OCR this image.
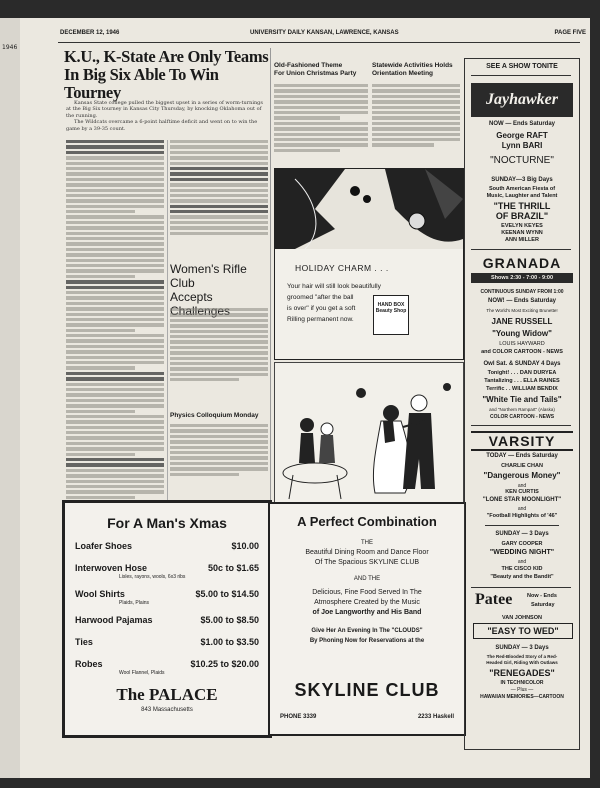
1946
DECEMBER 12, 1946	UNIVERSITY DAILY KANSAN, LAWRENCE, KANSAS	PAGE FIVE
K.U., K-State Are Only Teams
In Big Six Able To Win Tourney
Kansas State college pulled the biggest upset in a series of worm-turnings at the Big Six tourney in Kansas City Thursday, by knocking Oklahoma out of the running.
The Wildcats overcame a 6-point halftime deficit and went on to win the game by a 39-35 count.
Women's Rifle Club
Accepts
Physics Colloquium Monday
Old-Fashioned Theme
For Union Christmas Party
Statewide Activities Holds
Orientation Meeting
HOLIDAY CHARM . . .
Your hair will still look beautifully
groomed "after the ball
is over" if you get a soft
Rilling permanent now.
HAND BOX
Beauty Shop
For A Man's Xmas
Loafer Shoes	$10.00
Interwoven Hose	50c to $1.65
Lisles, rayons, wools, 6x3 ribs
Wool Shirts	$5.00 to $14.50
Plaids, Plains
Harwood Pajamas	$5.00 to $8.50
Ties	$1.00 to $3.50
Robes	$10.25 to $20.00
Wool Flannel, Plaids
The PALACE
843 Massachusetts
A Perfect Combination
THE
Beautiful Dining Room and Dance Floor
Of The Spacious SKYLINE CLUB
AND THE
Delicious, Fine Food Served In The
Atmosphere Created by the Music
of Joe Langworthy and His Band
Give Her An Evening In The "CLOUDS"
By Phoning Now for Reservations at the
SKYLINE CLUB
PHONE 3339	2233 Haskell
SEE A SHOW TONITE
Jayhawker
NOW — Ends Saturday
George RAFT
Lynn BARI
"NOCTURNE"
SUNDAY—3 Big Days
South American Fiesta of
Music, Laughter and Talent
"THE THRILL
OF BRAZIL"
EVELYN KEYES
KEENAN WYNN
ANN MILLER
GRANADA
Shows 2:30 - 7:00 - 9:00
CONTINUOUS SUNDAY FROM 1:00
NOW! — Ends Saturday
The World's Most Exciting Brunette!
JANE RUSSELL
"Young Widow"
LOUIS HAYWARD
and COLOR CARTOON - NEWS
Owl Sat. & SUNDAY 4 Days
Tonight! . . . DAN DURYEA
Tantalizing . . . ELLA RAINES
Terrific . . WILLIAM BENDIX
"White Tie and Tails"
and "Northern Rampart" (Alaska)
COLOR CARTOON - NEWS
VARSITY
TODAY — Ends Saturday
CHARLIE CHAN
"Dangerous Money"
and
KEN CURTIS
"LONE STAR MOONLIGHT"
and
"Football Highlights of '46"
SUNDAY — 3 Days
GARY COOPER
"WEDDING NIGHT"
and
THE CISCO KID
"Beauty and the Bandit"
Patee	Now - Ends
Saturday
VAN JOHNSON
"EASY TO WED"
SUNDAY — 3 Days
The Red-Blooded Story of a Red-
Headed Girl, Riding With Outlaws
"RENEGADES"
IN TECHNICOLOR
— Plus —
HAWAIIAN MEMORIES—CARTOON
